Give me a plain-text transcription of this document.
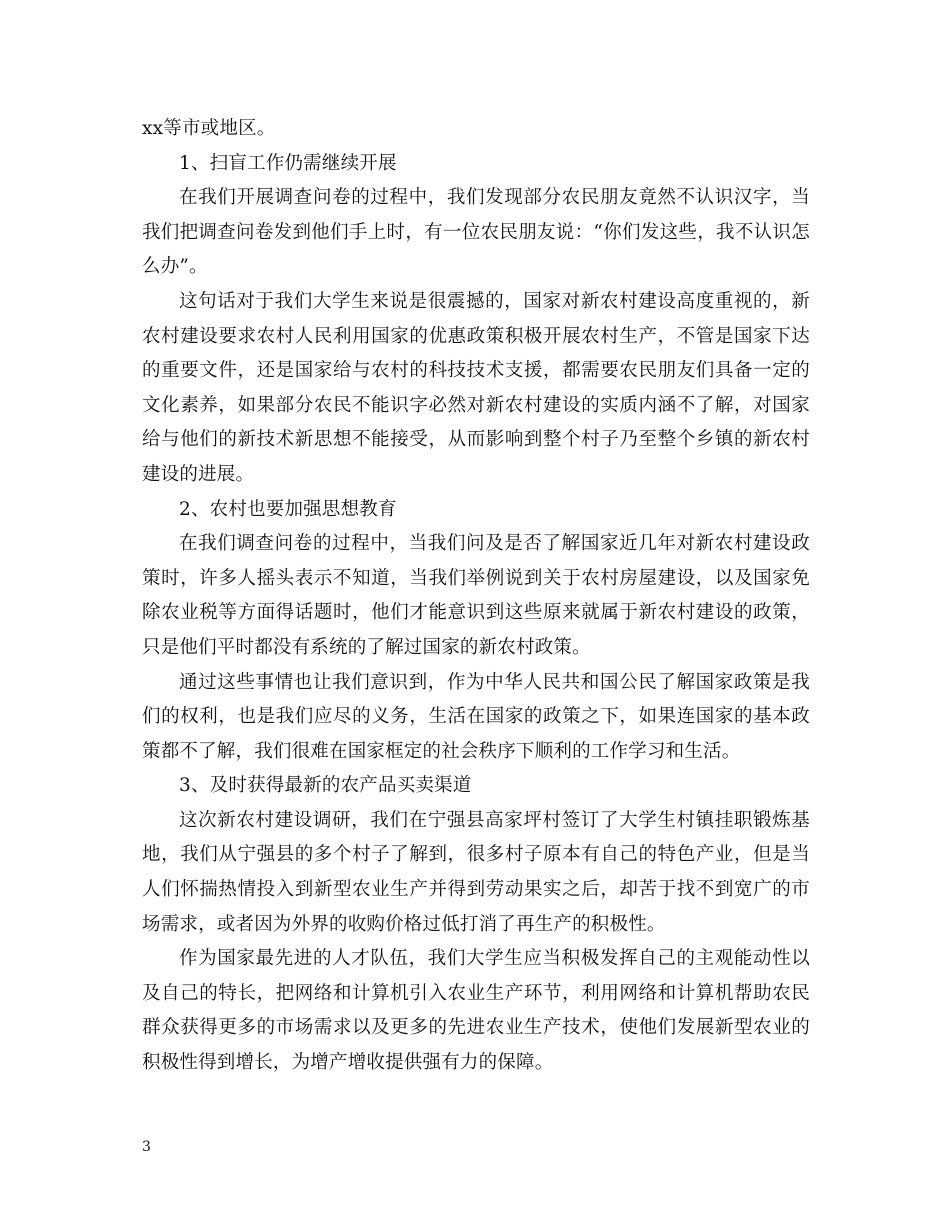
xx等市或地区。

1、扫盲工作仍需继续开展

在我们开展调查问卷的过程中，我们发现部分农民朋友竟然不认识汉字，当我们把调查问卷发到他们手上时，有一位农民朋友说：“你们发这些，我不认识怎么办”。

这句话对于我们大学生来说是很震撼的，国家对新农村建设高度重视的，新农村建设要求农村人民利用国家的优惠政策积极开展农村生产，不管是国家下达的重要文件，还是国家给与农村的科技技术支援，都需要农民朋友们具备一定的文化素养，如果部分农民不能识字必然对新农村建设的实质内涵不了解，对国家给与他们的新技术新思想不能接受，从而影响到整个村子乃至整个乡镇的新农村建设的进展。

2、农村也要加强思想教育

在我们调查问卷的过程中，当我们问及是否了解国家近几年对新农村建设政策时，许多人摇头表示不知道，当我们举例说到关于农村房屋建设，以及国家免除农业税等方面得话题时，他们才能意识到这些原来就属于新农村建设的政策，只是他们平时都没有系统的了解过国家的新农村政策。

通过这些事情也让我们意识到，作为中华人民共和国公民了解国家政策是我们的权利，也是我们应尽的义务，生活在国家的政策之下，如果连国家的基本政策都不了解，我们很难在国家框定的社会秩序下顺利的工作学习和生活。

3、及时获得最新的农产品买卖渠道

这次新农村建设调研，我们在宁强县高家坪村签订了大学生村镇挂职锻炼基地，我们从宁强县的多个村子了解到，很多村子原本有自己的特色产业，但是当人们怀揣热情投入到新型农业生产并得到劳动果实之后，却苦于找不到宽广的市场需求，或者因为外界的收购价格过低打消了再生产的积极性。

作为国家最先进的人才队伍，我们大学生应当积极发挥自己的主观能动性以及自己的特长，把网络和计算机引入农业生产环节，利用网络和计算机帮助农民群众获得更多的市场需求以及更多的先进农业生产技术，使他们发展新型农业的积极性得到增长，为增产增收提供强有力的保障。

3
